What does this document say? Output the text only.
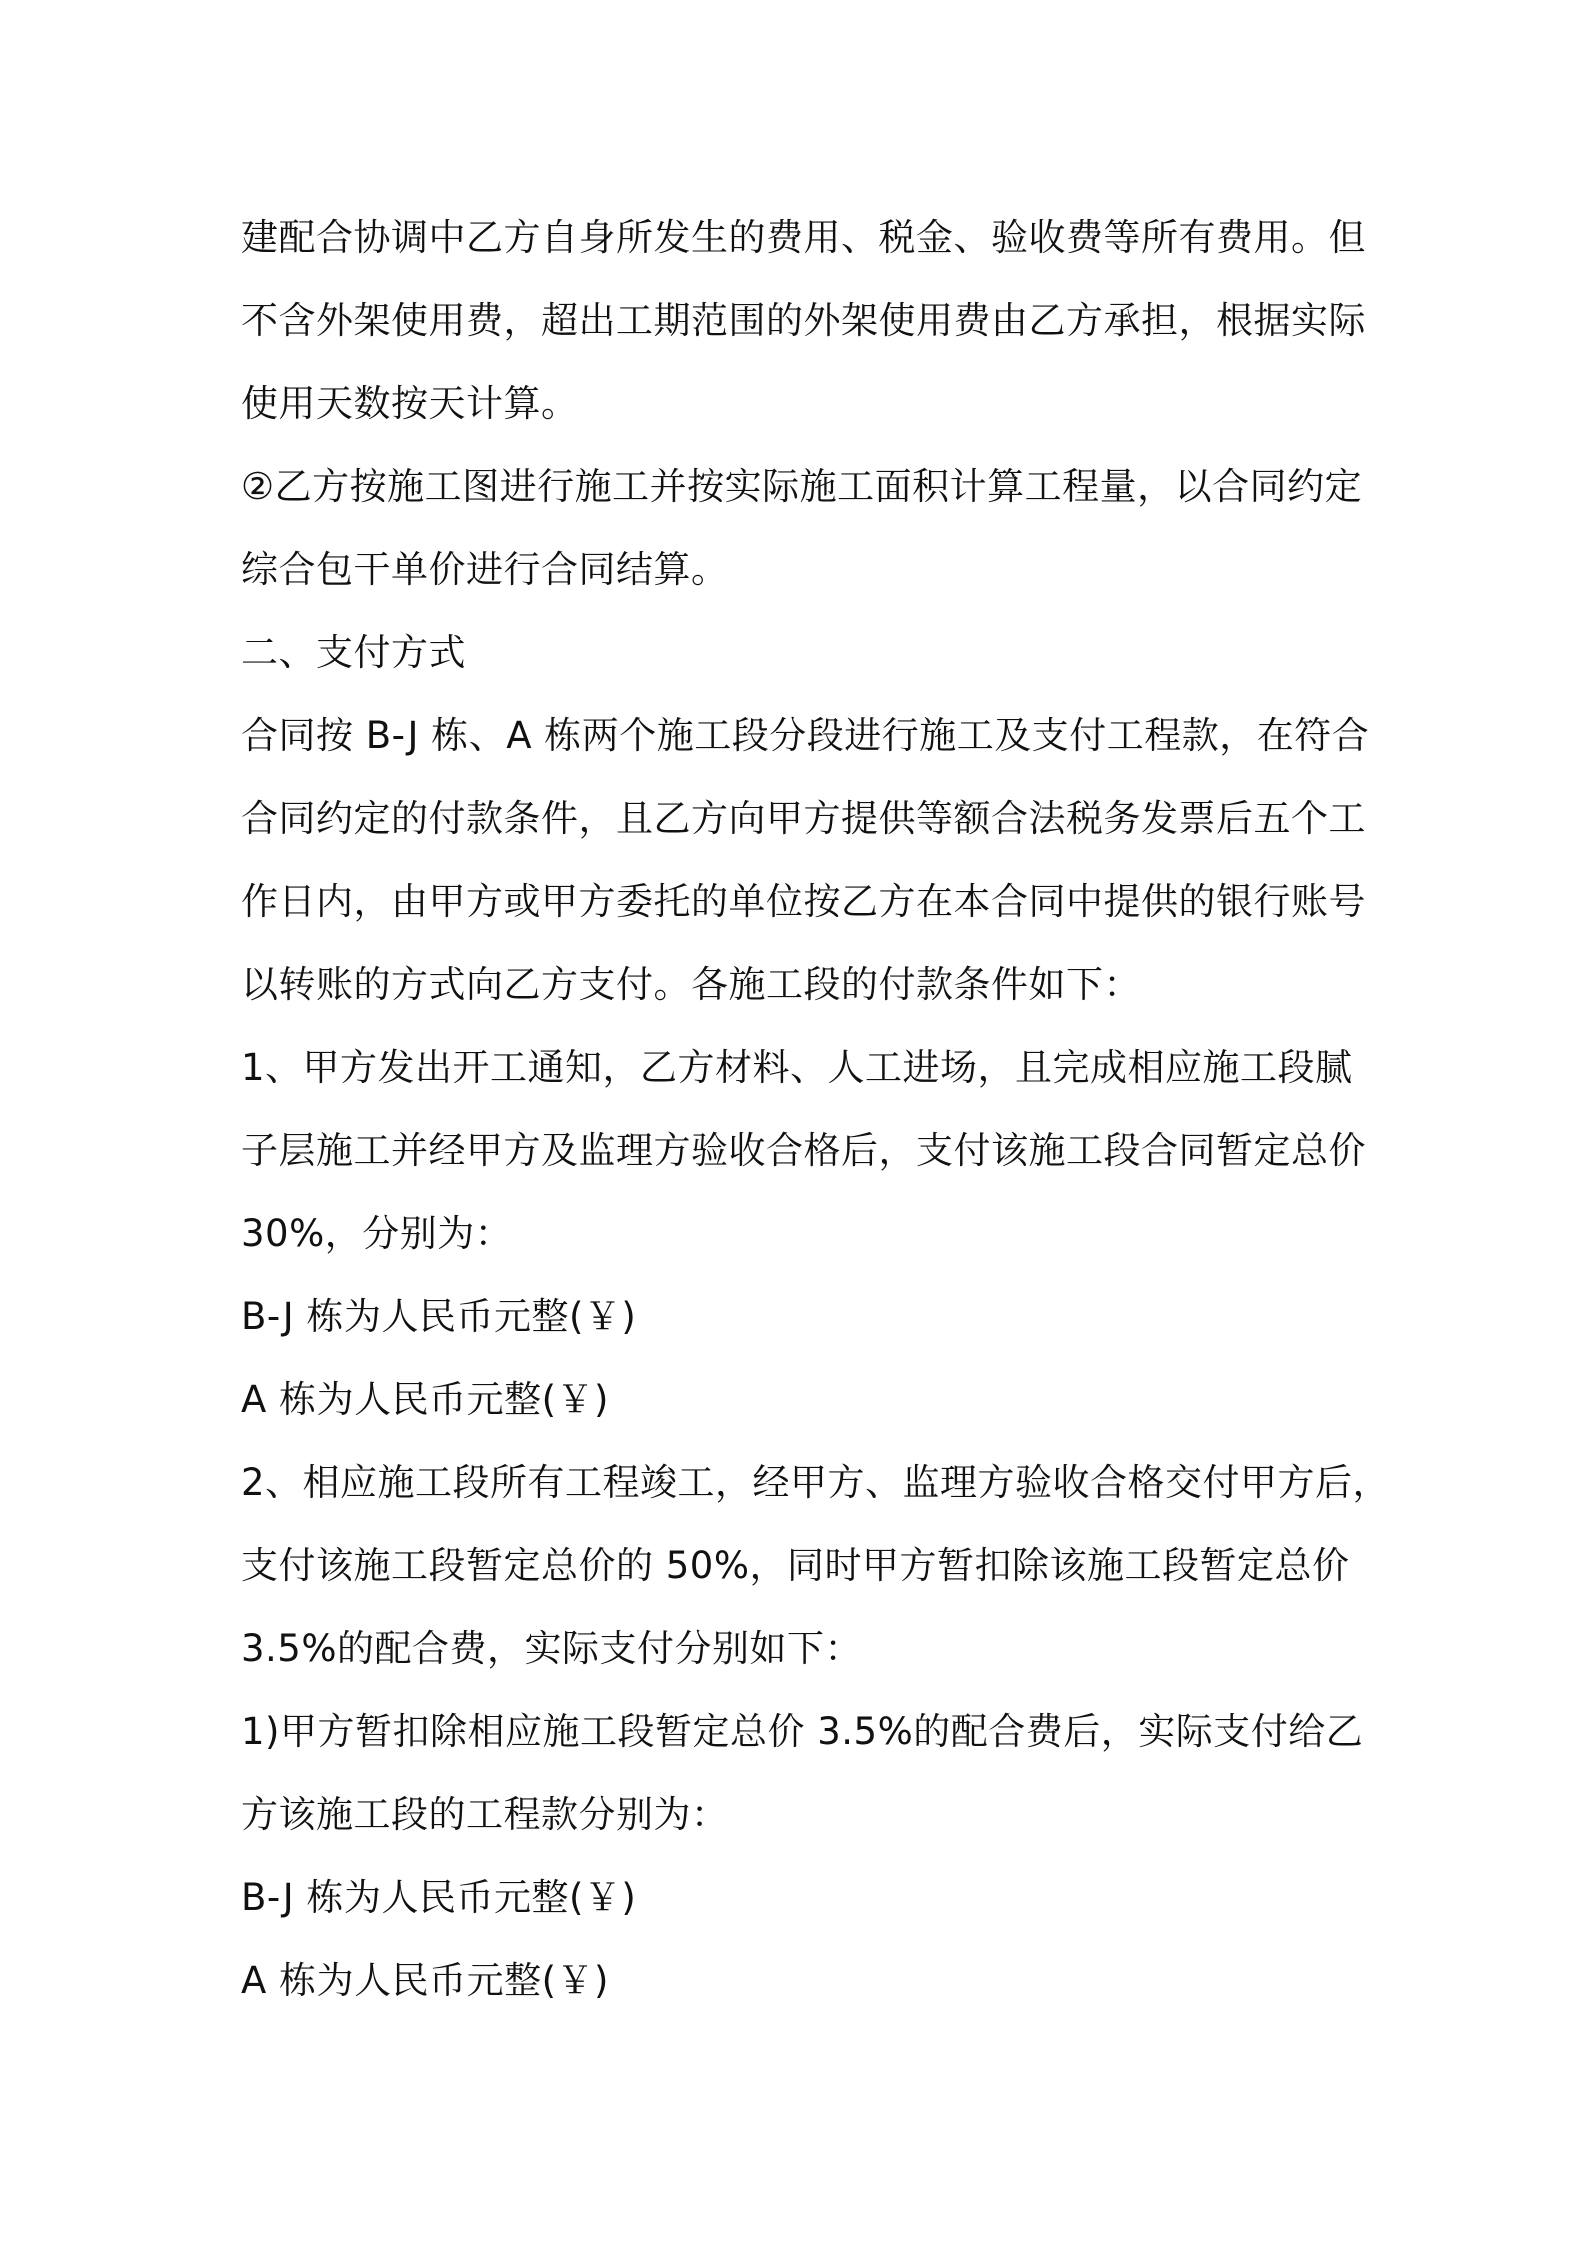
建配合协调中乙方自身所发生的费用、税金、验收费等所有费用。但
不含外架使用费，超出工期范围的外架使用费由乙方承担，根据实际
使用天数按天计算。
②乙方按施工图进行施工并按实际施工面积计算工程量，以合同约定
综合包干单价进行合同结算。
二、支付方式
合同按 B-J 栋、A 栋两个施工段分段进行施工及支付工程款，在符合
合同约定的付款条件，且乙方向甲方提供等额合法税务发票后五个工
作日内，由甲方或甲方委托的单位按乙方在本合同中提供的银行账号
以转账的方式向乙方支付。各施工段的付款条件如下：
1、甲方发出开工通知，乙方材料、人工进场，且完成相应施工段腻
子层施工并经甲方及监理方验收合格后，支付该施工段合同暂定总价
30%，分别为：
B-J 栋为人民币元整(￥)
A 栋为人民币元整(￥)
2、相应施工段所有工程竣工，经甲方、监理方验收合格交付甲方后，
支付该施工段暂定总价的 50%，同时甲方暂扣除该施工段暂定总价
3.5%的配合费，实际支付分别如下：
1)甲方暂扣除相应施工段暂定总价 3.5%的配合费后，实际支付给乙
方该施工段的工程款分别为：
B-J 栋为人民币元整(￥)
A 栋为人民币元整(￥)
